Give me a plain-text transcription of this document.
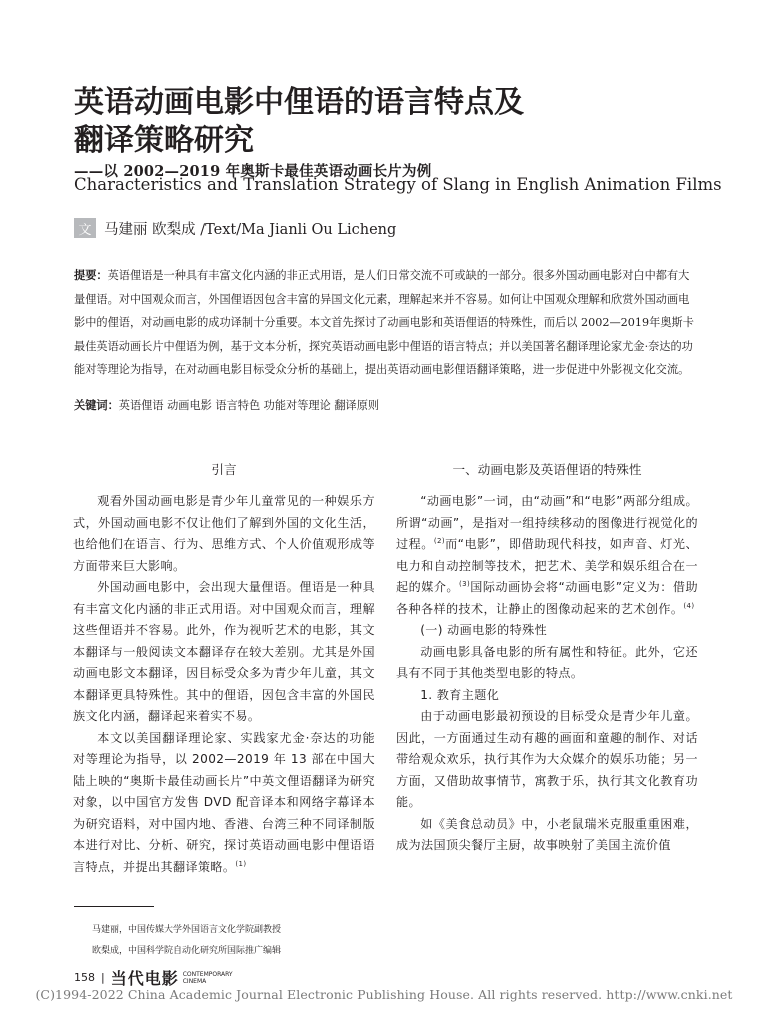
英语动画电影中俚语的语言特点及
翻译策略研究
——以 2002—2019 年奥斯卡最佳英语动画长片为例
Characteristics and Translation Strategy of Slang in English Animation Films
文 马建丽 欧梨成 ∕Text/Ma Jianli Ou Licheng

提要：英语俚语是一种具有丰富文化内涵的非正式用语，是人们日常交流不可或缺的一部分。很多外国动画电影对白中都有大量俚语。对中国观众而言，外国俚语因包含丰富的异国文化元素，理解起来并不容易。如何让中国观众理解和欣赏外国动画电影中的俚语，对动画电影的成功译制十分重要。本文首先探讨了动画电影和英语俚语的特殊性，而后以 2002—2019年奥斯卡最佳英语动画长片中俚语为例，基于文本分析，探究英语动画电影中俚语的语言特点；并以美国著名翻译理论家尤金·奈达的功能对等理论为指导，在对动画电影目标受众分析的基础上，提出英语动画电影俚语翻译策略，进一步促进中外影视文化交流。

关键词：英语俚语 动画电影 语言特色 功能对等理论 翻译原则

引言

观看外国动画电影是青少年儿童常见的一种娱乐方式，外国动画电影不仅让他们了解到外国的文化生活，也给他们在语言、行为、思维方式、个人价值观形成等方面带来巨大影响。

外国动画电影中，会出现大量俚语。俚语是一种具有丰富文化内涵的非正式用语。对中国观众而言，理解这些俚语并不容易。此外，作为视听艺术的电影，其文本翻译与一般阅读文本翻译存在较大差别。尤其是外国动画电影文本翻译，因目标受众多为青少年儿童，其文本翻译更具特殊性。其中的俚语，因包含丰富的外国民族文化内涵，翻译起来着实不易。

本文以美国翻译理论家、实践家尤金·奈达的功能对等理论为指导，以 2002—2019 年 13 部在中国大陆上映的“奥斯卡最佳动画长片”中英文俚语翻译为研究对象，以中国官方发售 DVD 配音译本和网络字幕译本为研究语料，对中国内地、香港、台湾三种不同译制版本进行对比、分析、研究，探讨英语动画电影中俚语语言特点，并提出其翻译策略。$^{(1)}$

一、动画电影及英语俚语的特殊性

“动画电影”一词，由“动画”和“电影”两部分组成。所谓“动画”，是指对一组持续移动的图像进行视觉化的过程。$^{(2)}$而“电影”，即借助现代科技，如声音、灯光、电力和自动控制等技术，把艺术、美学和娱乐组合在一起的媒介。$^{(3)}$国际动画协会将“动画电影”定义为：借助各种各样的技术，让静止的图像动起来的艺术创作。$^{(4)}$

(一) 动画电影的特殊性

动画电影具备电影的所有属性和特征。此外，它还具有不同于其他类型电影的特点。

1. 教育主题化

由于动画电影最初预设的目标受众是青少年儿童。因此，一方面通过生动有趣的画面和童趣的制作、对话带给观众欢乐，执行其作为大众媒介的娱乐功能；另一方面，又借助故事情节，寓教于乐，执行其文化教育功能。

如《美食总动员》中，小老鼠瑞米克服重重困难，成为法国顶尖餐厅主厨，故事映射了美国主流价值

马建丽，中国传媒大学外国语言文化学院副教授
欧梨成，中国科学院自动化研究所国际推广编辑
158 | 当代电影 CONTEMPORARY
CINEMA
(C)1994-2022 China Academic Journal Electronic Publishing House. All rights reserved. http://www.cnki.net
